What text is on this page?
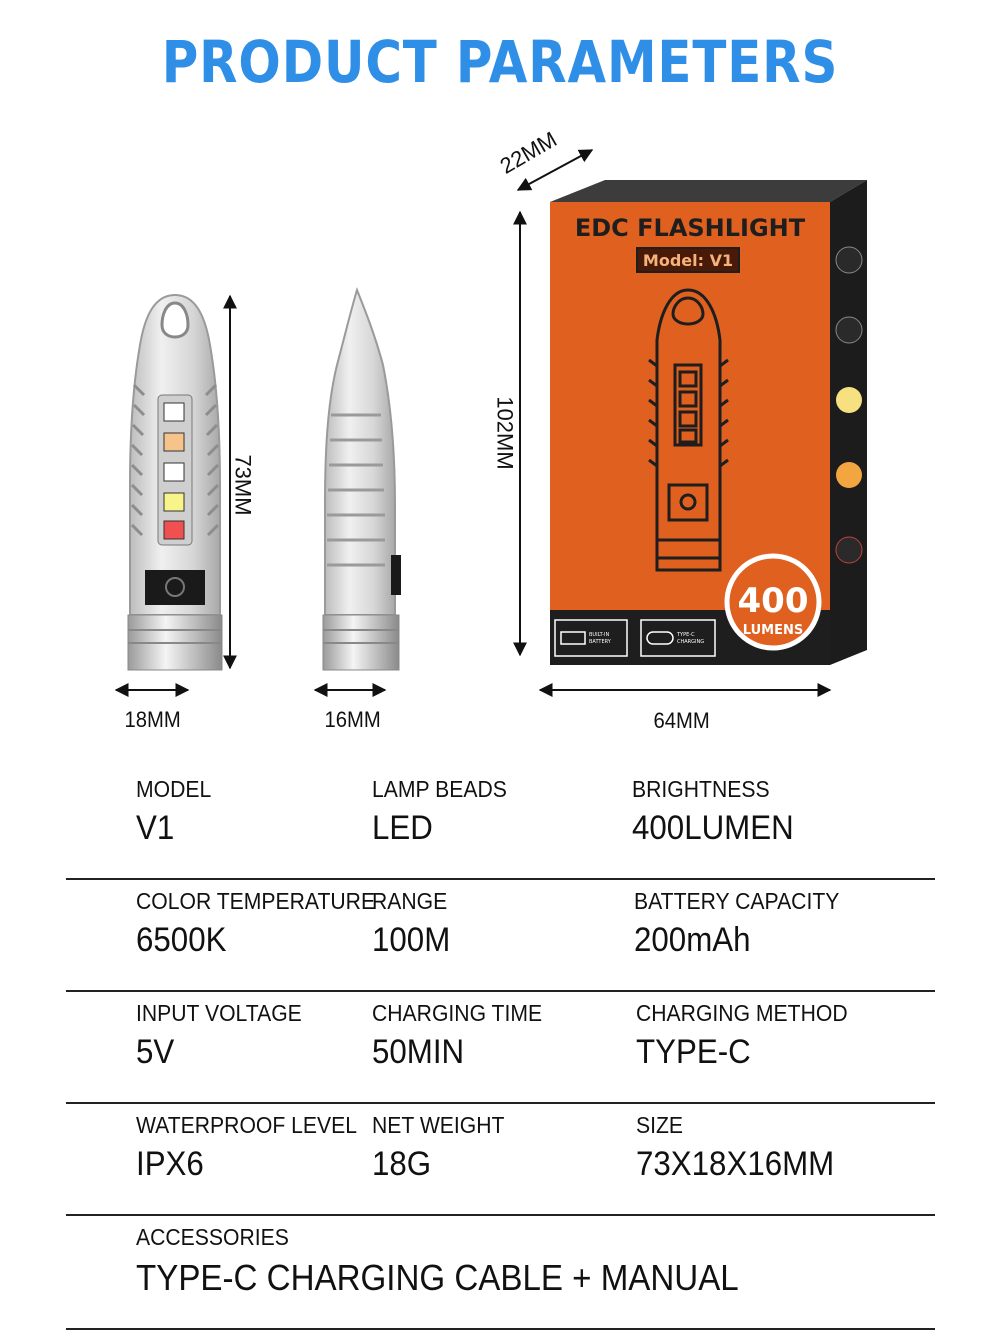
PRODUCT PARAMETERS
EDC FLASHLIGHT
Model: V1
400
LUMENS
BUILT-IN
BATTERY
TYPE-C
CHARGING
73MM
18MM	16MM
102MM
64MM
22MM
MODEL
V1
LAMP BEADS
LED
BRIGHTNESS
400LUMEN
COLOR TEMPERATURE
6500K
RANGE
100M
BATTERY CAPACITY
200mAh
INPUT VOLTAGE
5V
CHARGING TIME
50MIN
CHARGING METHOD
TYPE-C
WATERPROOF LEVEL
IPX6
NET WEIGHT
18G
SIZE
73X18X16MM
ACCESSORIES
TYPE-C CHARGING CABLE + MANUAL
